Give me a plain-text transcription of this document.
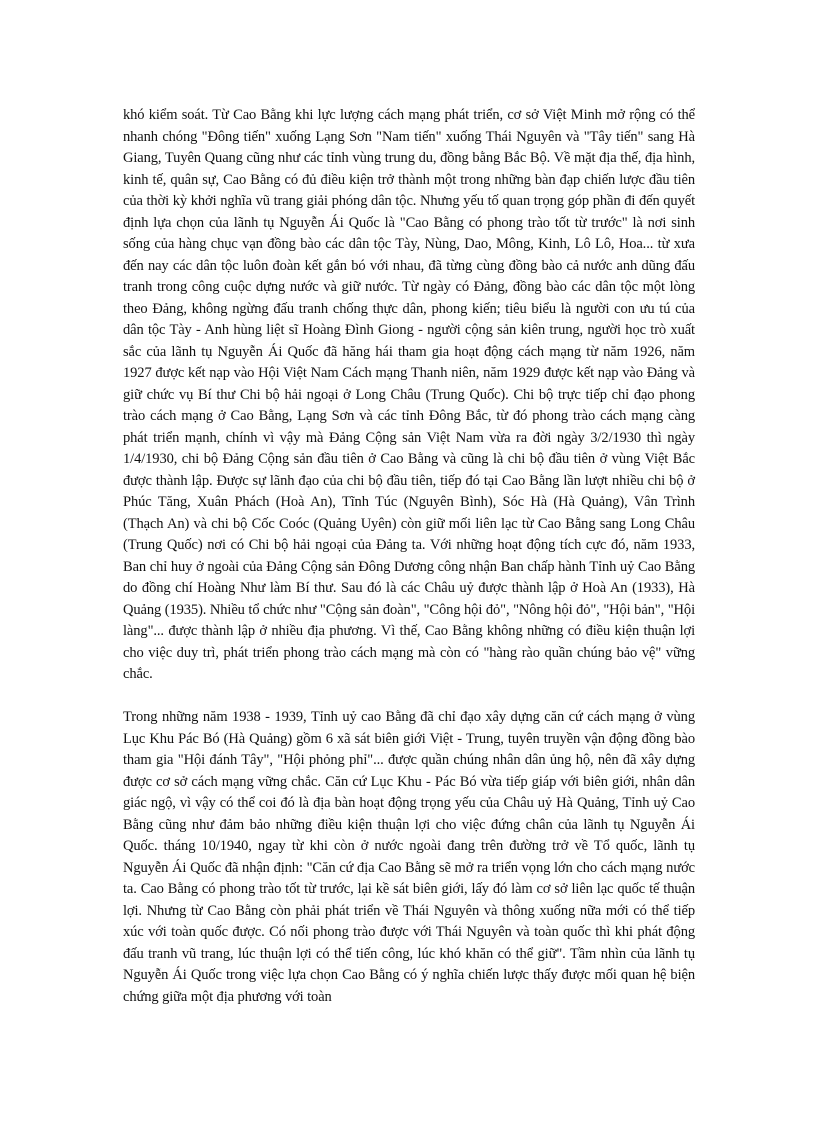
khó kiểm soát. Từ Cao Bằng khi lực lượng cách mạng phát triển, cơ sở Việt Minh mở rộng có thể nhanh chóng "Đông tiến" xuống Lạng Sơn "Nam tiến" xuống Thái Nguyên và "Tây tiến" sang Hà Giang, Tuyên Quang cũng như các tỉnh vùng trung du, đồng bằng Bắc Bộ. Về mặt địa thế, địa hình, kinh tế, quân sự, Cao Bằng có đủ điều kiện trở thành một trong những bàn đạp chiến lược đầu tiên của thời kỳ khởi nghĩa vũ trang giải phóng dân tộc. Nhưng yếu tố quan trọng góp phần đi đến quyết định lựa chọn của lãnh tụ Nguyễn Ái Quốc là "Cao Bằng có phong trào tốt từ trước" là nơi sinh sống của hàng chục vạn đồng bào các dân tộc Tày, Nùng, Dao, Mông, Kinh, Lô Lô, Hoa... từ xưa đến nay các dân tộc luôn đoàn kết gắn bó với nhau, đã từng cùng đồng bào cả nước anh dũng đấu tranh trong công cuộc dựng nước và giữ nước. Từ ngày có Đảng, đồng bào các dân tộc một lòng theo Đảng, không ngừng đấu tranh chống thực dân, phong kiến; tiêu biểu là người con ưu tú của dân tộc Tày - Anh hùng liệt sĩ Hoàng Đình Giong - người cộng sản kiên trung, người học trò xuất sắc của lãnh tụ Nguyễn Ái Quốc đã hăng hái tham gia hoạt động cách mạng từ năm 1926, năm 1927 được kết nạp vào Hội Việt Nam Cách mạng Thanh niên, năm 1929 được kết nạp vào Đảng và giữ chức vụ Bí thư Chi bộ hải ngoại ở Long Châu (Trung Quốc). Chi bộ trực tiếp chỉ đạo phong trào cách mạng ở Cao Bằng, Lạng Sơn và các tỉnh Đông Bắc, từ đó phong trào cách mạng càng phát triển mạnh, chính vì vậy mà Đảng Cộng sản Việt Nam vừa ra đời ngày 3/2/1930 thì ngày 1/4/1930, chi bộ Đảng Cộng sản đầu tiên ở Cao Bằng và cũng là chi bộ đầu tiên ở vùng Việt Bắc được thành lập. Được sự lãnh đạo của chi bộ đầu tiên, tiếp đó tại Cao Bằng lần lượt nhiều chi bộ ở Phúc Tăng, Xuân Phách (Hoà An), Tĩnh Túc (Nguyên Bình), Sóc Hà (Hà Quảng), Vân Trình (Thạch An) và chi bộ Cốc Coóc (Quảng Uyên) còn giữ mối liên lạc từ Cao Bằng sang Long Châu (Trung Quốc) nơi có Chi bộ hải ngoại của Đảng ta. Với những hoạt động tích cực đó, năm 1933, Ban chỉ huy ở ngoài của Đảng Cộng sản Đông Dương công nhận Ban chấp hành Tỉnh uỷ Cao Bằng do đồng chí Hoàng Như làm Bí thư. Sau đó là các Châu uỷ được thành lập ở Hoà An (1933), Hà Quảng (1935). Nhiều tổ chức như "Cộng sản đoàn", "Công hội đỏ", "Nông hội đỏ", "Hội bản", "Hội làng"... được thành lập ở nhiều địa phương. Vì thế, Cao Bằng không những có điều kiện thuận lợi cho việc duy trì, phát triển phong trào cách mạng mà còn có "hàng rào quần chúng bảo vệ" vững chắc.

Trong những năm 1938 - 1939, Tỉnh uỷ cao Bằng đã chỉ đạo xây dựng căn cứ cách mạng ở vùng Lục Khu Pác Bó (Hà Quảng) gồm 6 xã sát biên giới Việt - Trung, tuyên truyền vận động đồng bào tham gia "Hội đánh Tây", "Hội phỏng phỉ"... được quần chúng nhân dân ủng hộ, nên đã xây dựng được cơ sở cách mạng vững chắc. Căn cứ Lục Khu - Pác Bó vừa tiếp giáp với biên giới, nhân dân giác ngộ, vì vậy có thể coi đó là địa bàn hoạt động trọng yếu của Châu uỷ Hà Quảng, Tỉnh uỷ Cao Bằng cũng như đảm bảo những điều kiện thuận lợi cho việc đứng chân của lãnh tụ Nguyễn Ái Quốc. tháng 10/1940, ngay từ khi còn ở nước ngoài đang trên đường trở về Tổ quốc, lãnh tụ Nguyễn Ái Quốc đã nhận định: "Căn cứ địa Cao Bằng sẽ mở ra triển vọng lớn cho cách mạng nước ta. Cao Bằng có phong trào tốt từ trước, lại kề sát biên giới, lấy đó làm cơ sở liên lạc quốc tế thuận lợi. Nhưng từ Cao Bằng còn phải phát triển về Thái Nguyên và thông xuống nữa mới có thể tiếp xúc với toàn quốc được. Có nối phong trào được với Thái Nguyên và toàn quốc thì khi phát động đấu tranh vũ trang, lúc thuận lợi có thể tiến công, lúc khó khăn có thể giữ". Tầm nhìn của lãnh tụ Nguyễn Ái Quốc trong việc lựa chọn Cao Bằng có ý nghĩa chiến lược thấy được mối quan hệ biện chứng giữa một địa phương với toàn
